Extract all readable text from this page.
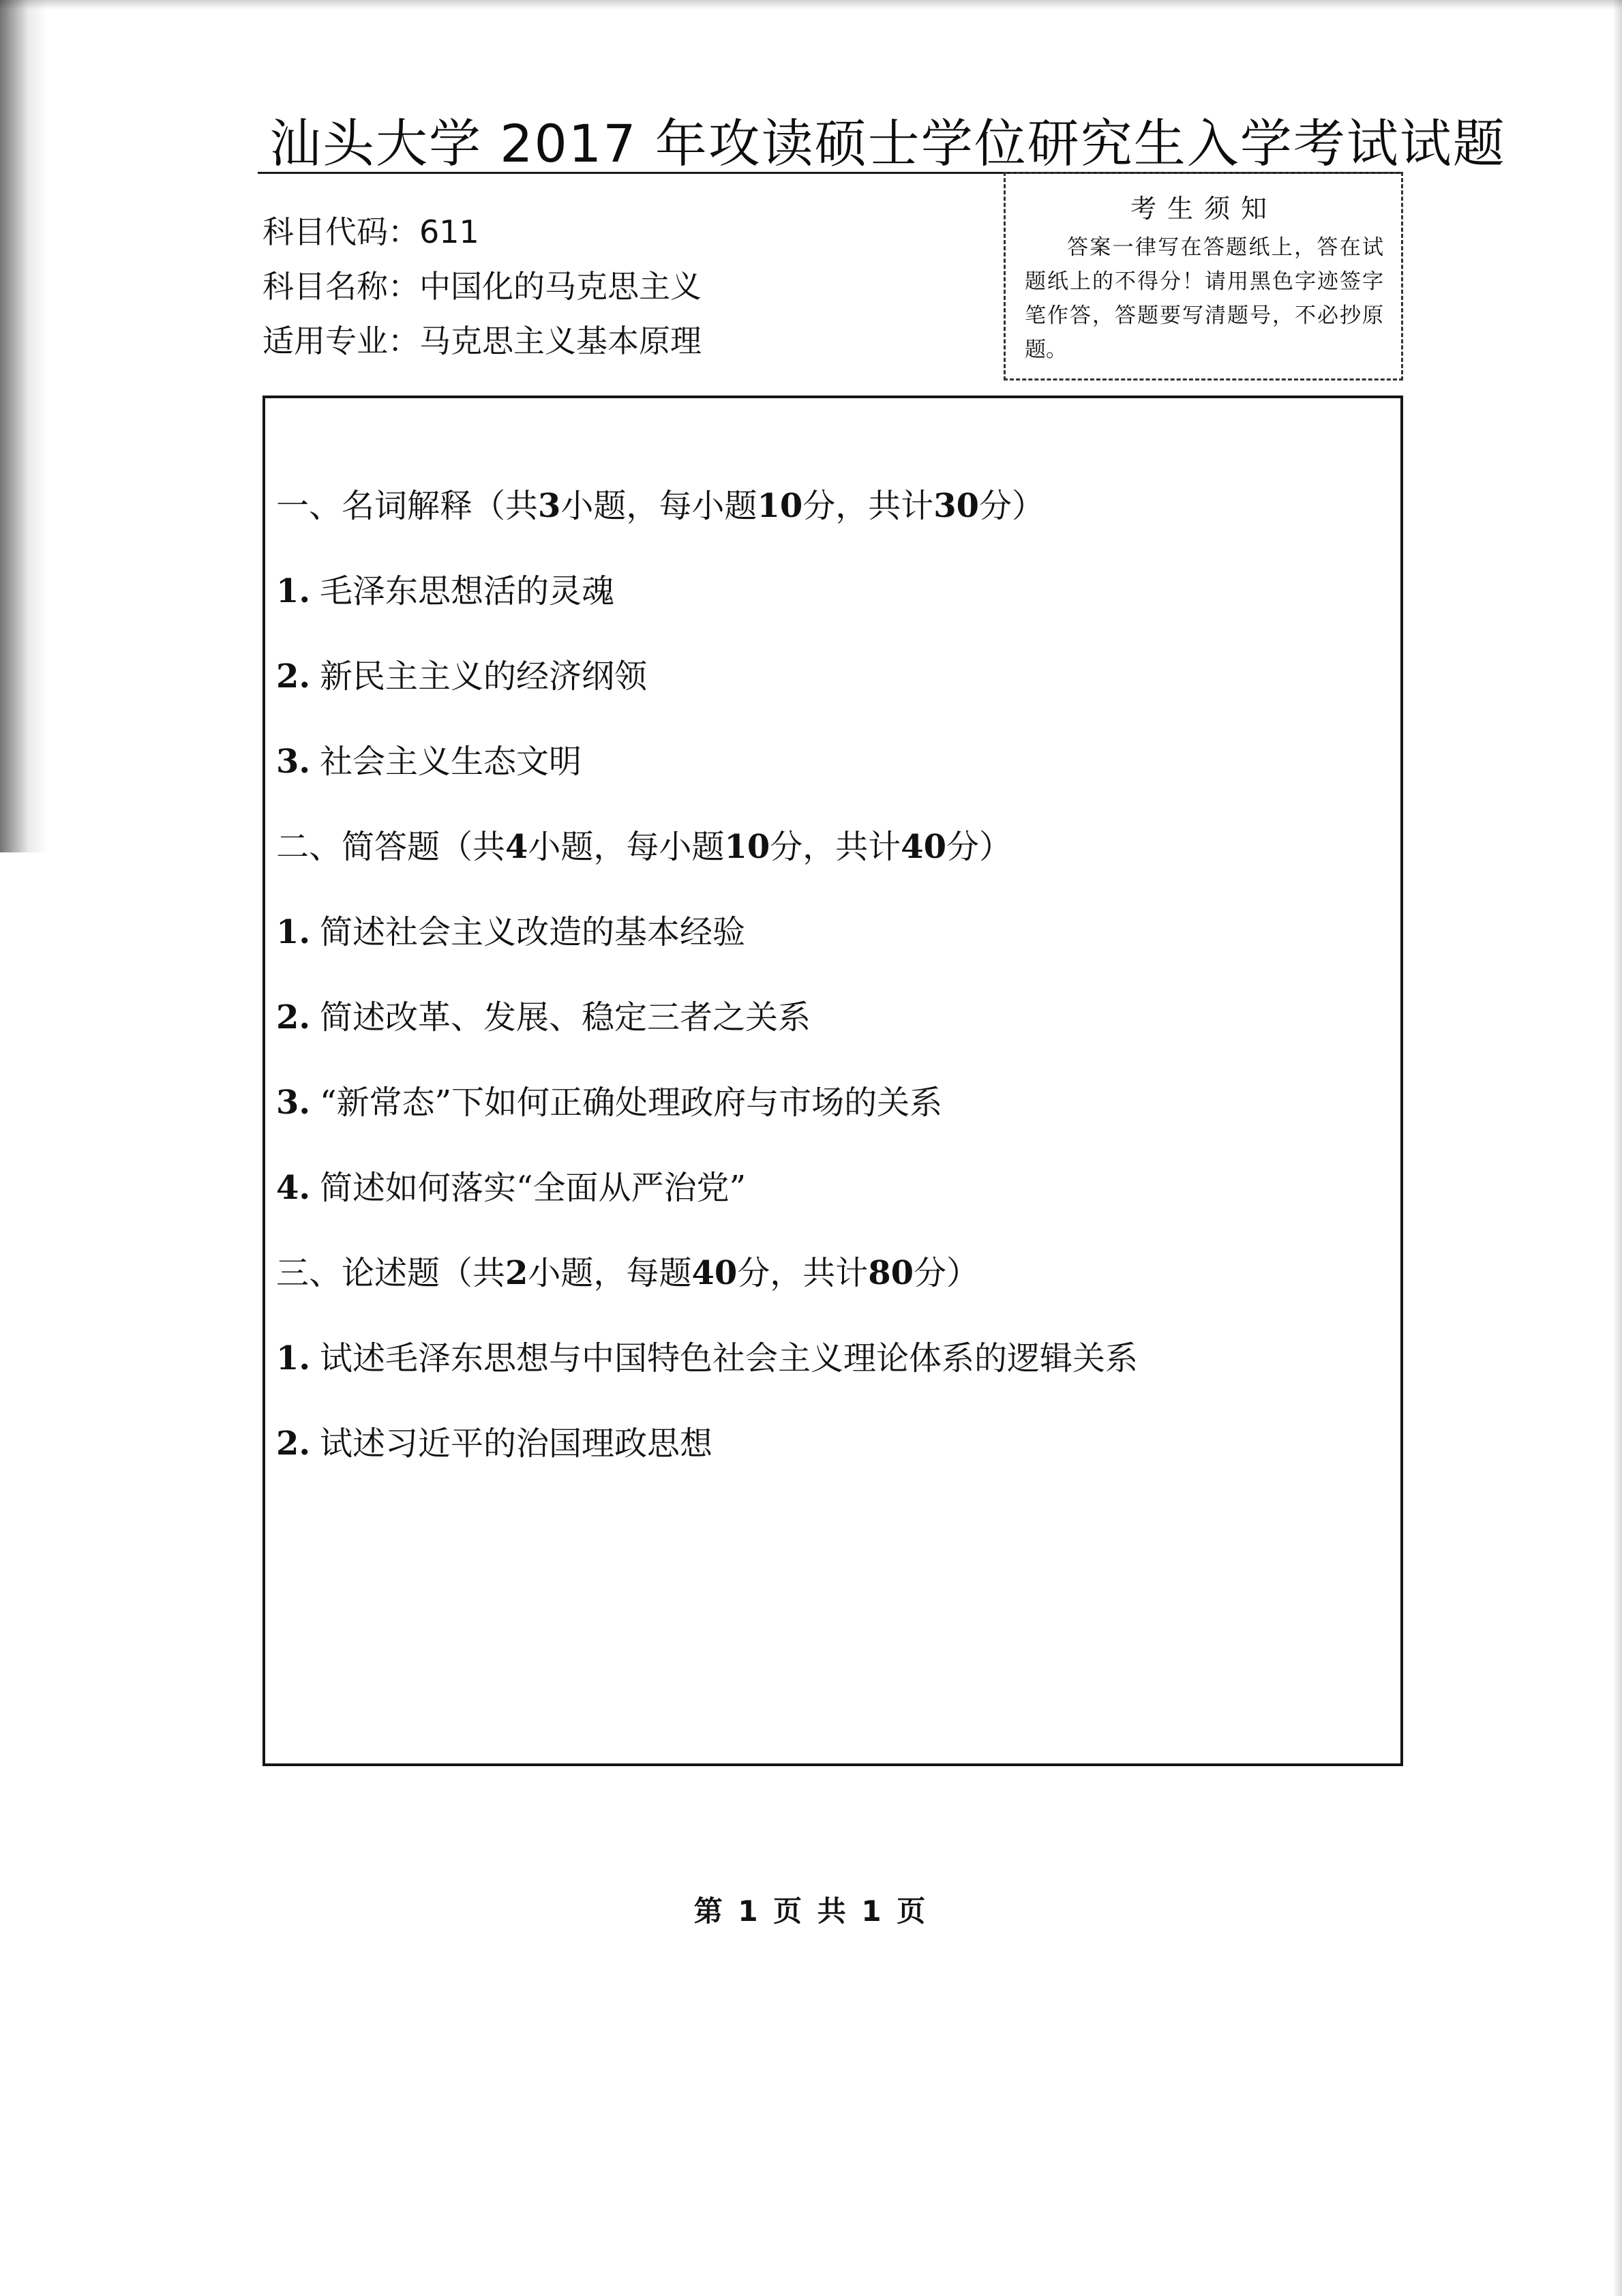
汕头大学 2017 年攻读硕士学位研究生入学考试试题
科目代码：611
科目名称：中国化的马克思主义
适用专业：马克思主义基本原理
考生须知
答案一律写在答题纸上，答在试题纸上的不得分！请用黑色字迹签字笔作答，答题要写清题号，不必抄原题。
一、名词解释（共3小题，每小题10分，共计30分）
1. 毛泽东思想活的灵魂
2. 新民主主义的经济纲领
3. 社会主义生态文明
二、简答题（共4小题，每小题10分，共计40分）
1. 简述社会主义改造的基本经验
2. 简述改革、发展、稳定三者之关系
3. “新常态”下如何正确处理政府与市场的关系
4. 简述如何落实“全面从严治党”
三、论述题（共2小题，每题40分，共计80分）
1. 试述毛泽东思想与中国特色社会主义理论体系的逻辑关系
2. 试述习近平的治国理政思想
第 1 页 共 1 页
